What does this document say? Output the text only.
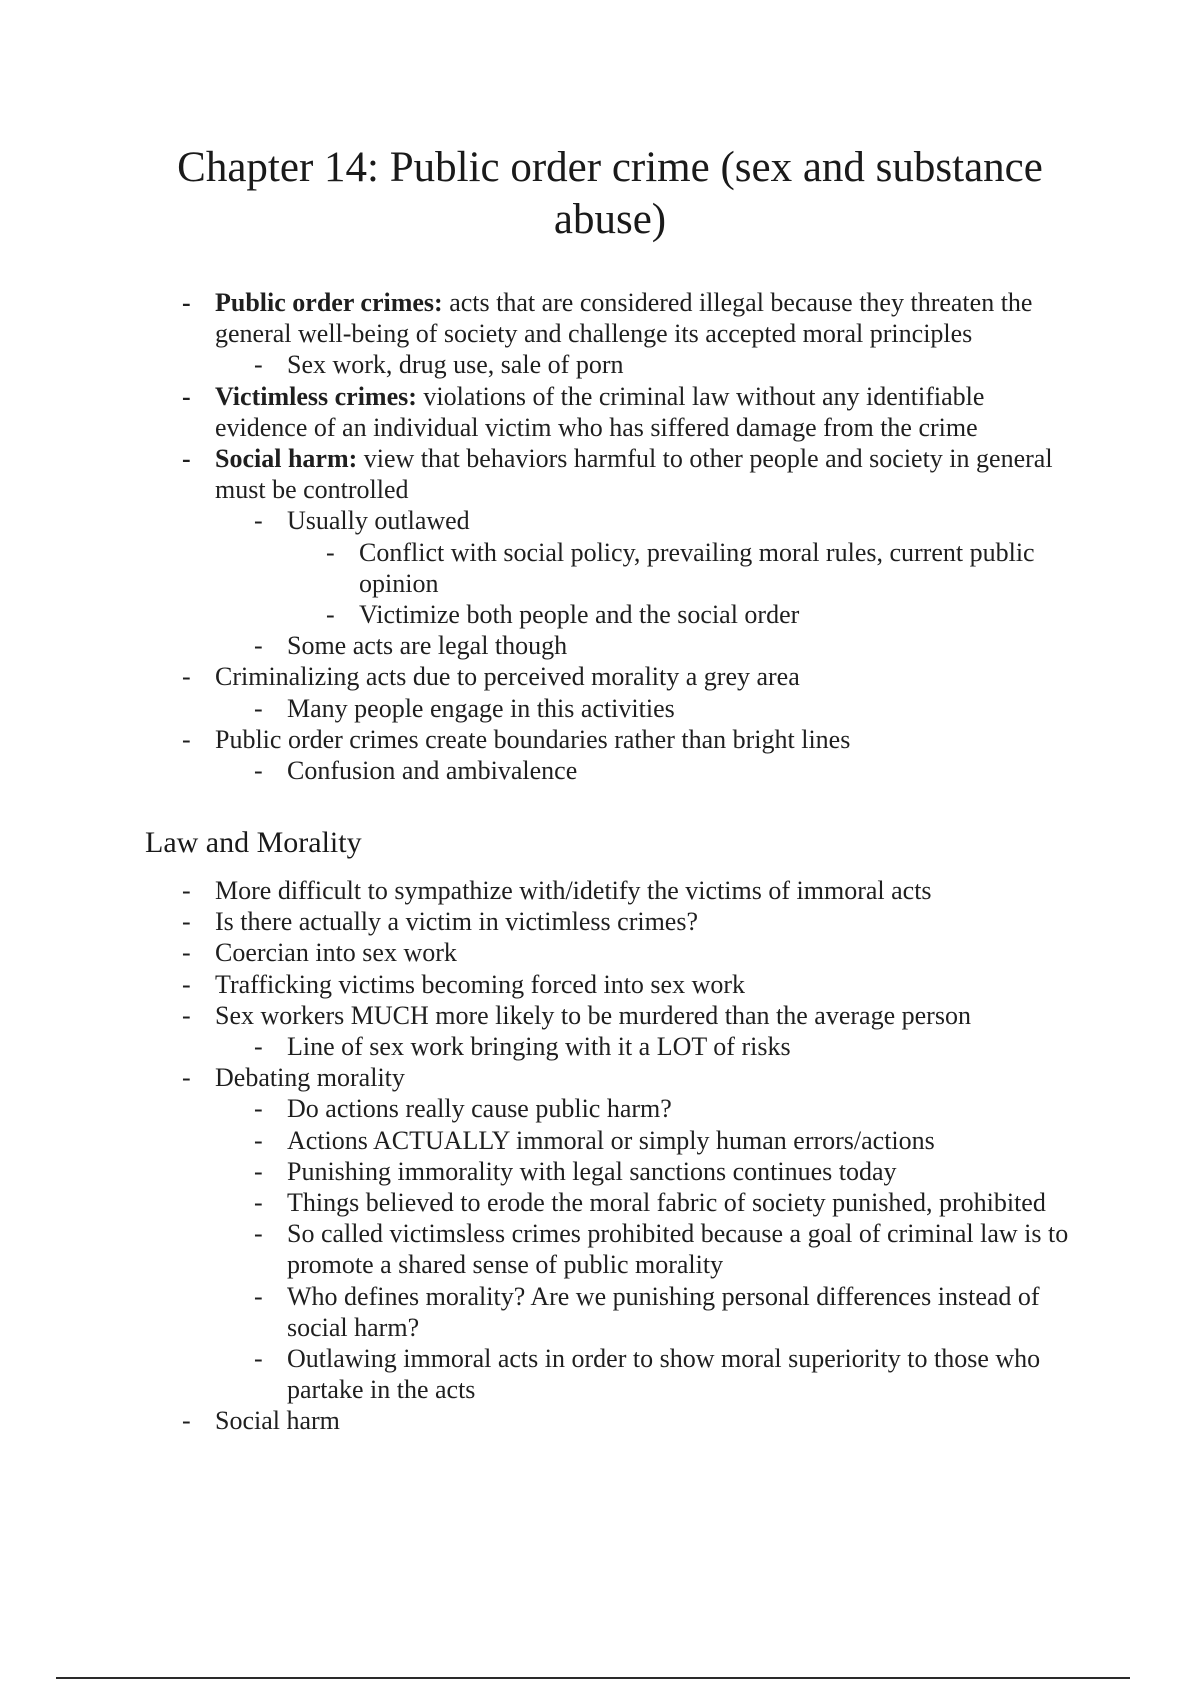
Chapter 14: Public order crime (sex and substance abuse)
- Public order crimes: acts that are considered illegal because they threaten the general well-being of society and challenge its accepted moral principles
- Sex work, drug use, sale of porn
- Victimless crimes: violations of the criminal law without any identifiable evidence of an individual victim who has siffered damage from the crime
- Social harm: view that behaviors harmful to other people and society in general must be controlled
- Usually outlawed
- Conflict with social policy, prevailing moral rules, current public opinion
- Victimize both people and the social order
- Some acts are legal though
- Criminalizing acts due to perceived morality a grey area
- Many people engage in this activities
- Public order crimes create boundaries rather than bright lines
- Confusion and ambivalence
Law and Morality
- More difficult to sympathize with/idetify the victims of immoral acts
- Is there actually a victim in victimless crimes?
- Coercian into sex work
- Trafficking victims becoming forced into sex work
- Sex workers MUCH more likely to be murdered than the average person
- Line of sex work bringing with it a LOT of risks
- Debating morality
- Do actions really cause public harm?
- Actions ACTUALLY immoral or simply human errors/actions
- Punishing immorality with legal sanctions continues today
- Things believed to erode the moral fabric of society punished, prohibited
- So called victimsless crimes prohibited because a goal of criminal law is to promote a shared sense of public morality
- Who defines morality? Are we punishing personal differences instead of social harm?
- Outlawing immoral acts in order to show moral superiority to those who partake in the acts
- Social harm
